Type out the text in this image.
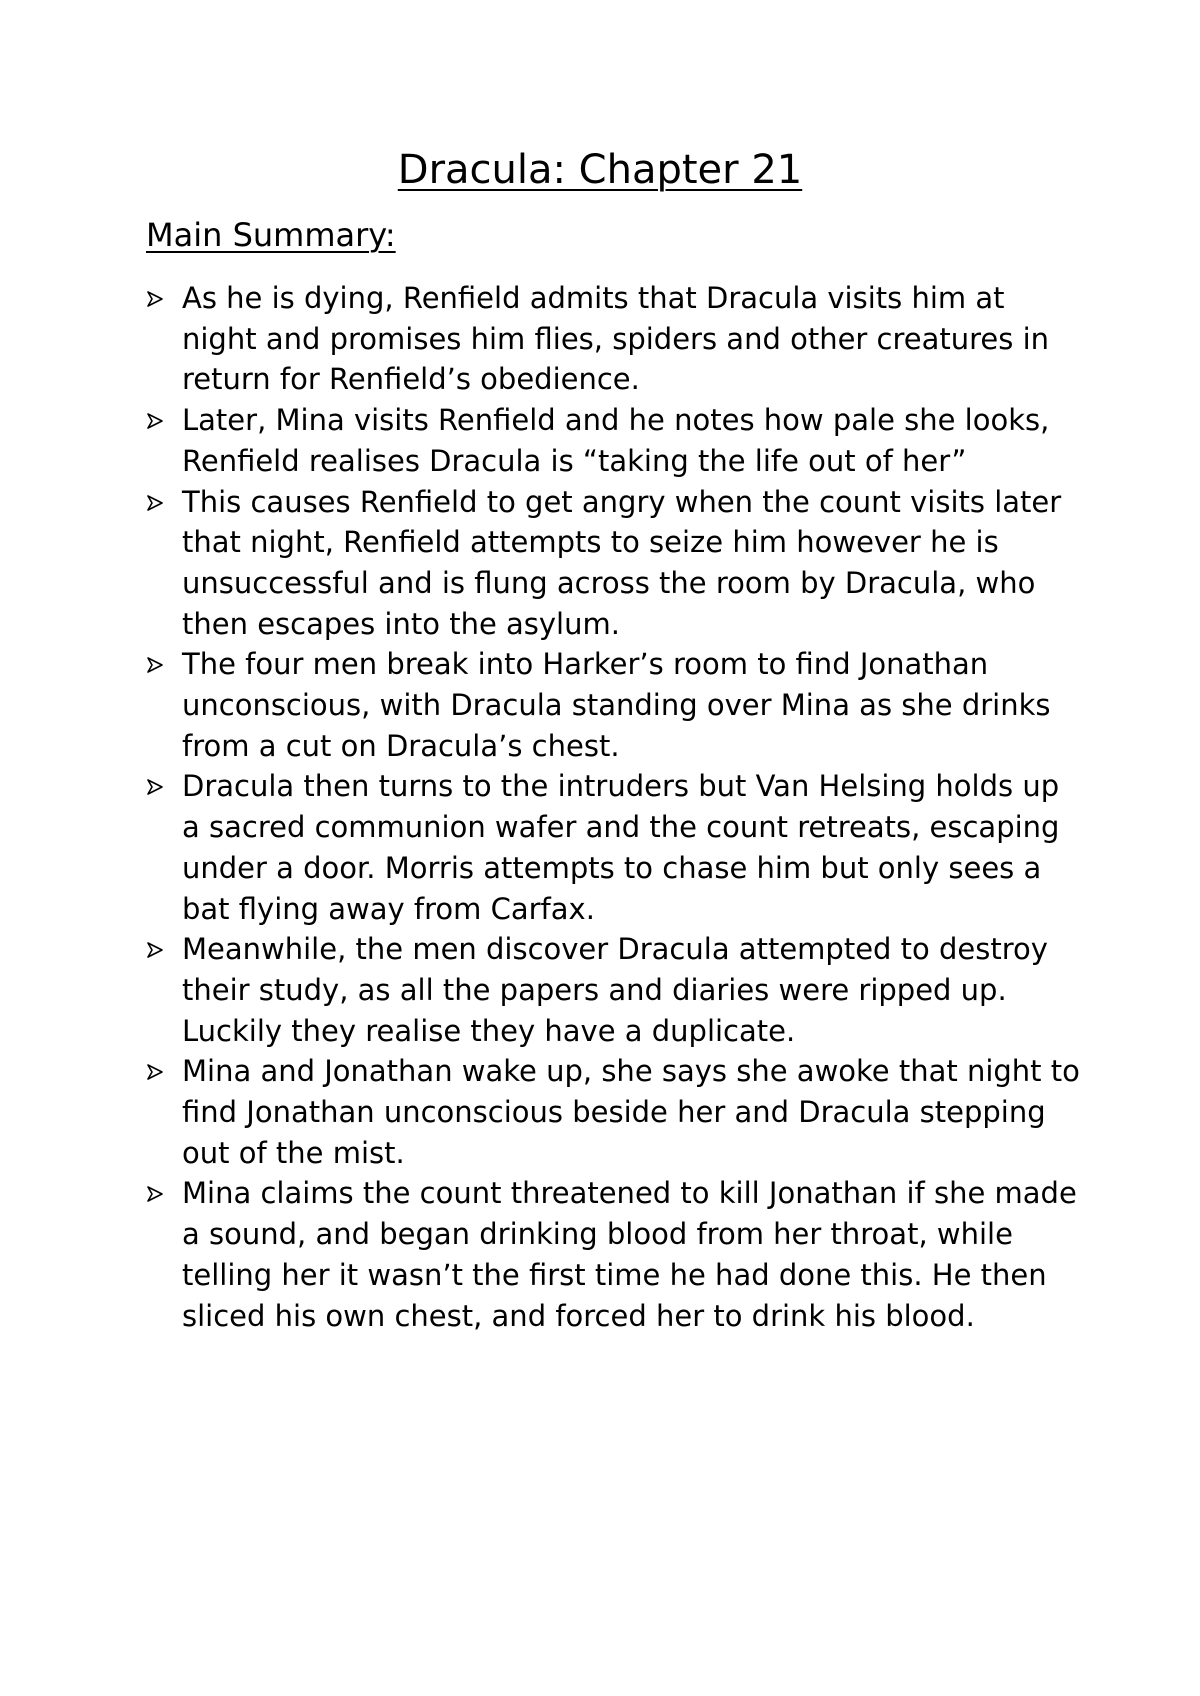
Dracula: Chapter 21
Main Summary:
As he is dying, Renfield admits that Dracula visits him at night and promises him flies, spiders and other creatures in return for Renfield’s obedience.
Later, Mina visits Renfield and he notes how pale she looks, Renfield realises Dracula is “taking the life out of her”
This causes Renfield to get angry when the count visits later that night, Renfield attempts to seize him however he is unsuccessful and is flung across the room by Dracula, who then escapes into the asylum.
The four men break into Harker’s room to find Jonathan unconscious, with Dracula standing over Mina as she drinks from a cut on Dracula’s chest.
Dracula then turns to the intruders but Van Helsing holds up a sacred communion wafer and the count retreats, escaping under a door. Morris attempts to chase him but only sees a bat flying away from Carfax.
Meanwhile, the men discover Dracula attempted to destroy their study, as all the papers and diaries were ripped up. Luckily they realise they have a duplicate.
Mina and Jonathan wake up, she says she awoke that night to find Jonathan unconscious beside her and Dracula stepping out of the mist.
Mina claims the count threatened to kill Jonathan if she made a sound, and began drinking blood from her throat, while telling her it wasn’t the first time he had done this. He then sliced his own chest, and forced her to drink his blood.
